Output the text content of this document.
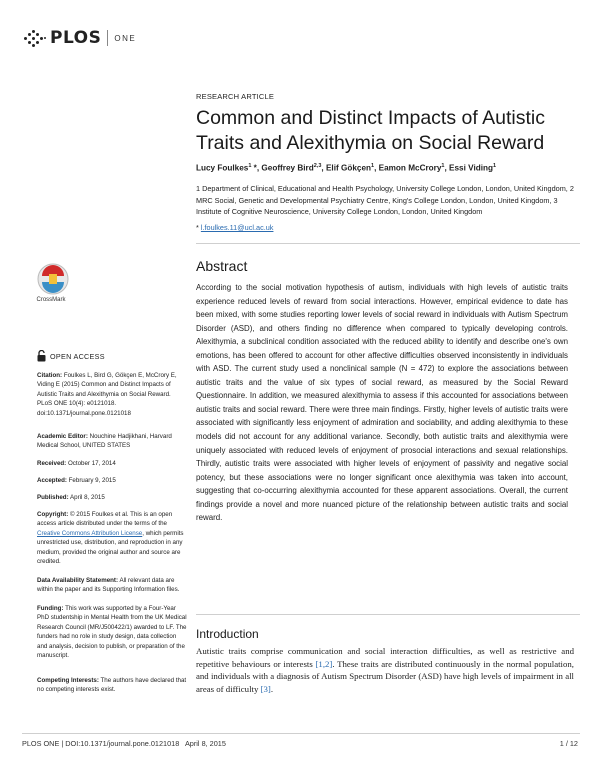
PLOS ONE
RESEARCH ARTICLE
Common and Distinct Impacts of Autistic Traits and Alexithymia on Social Reward
Lucy Foulkes$^1$ *, Geoffrey Bird$^{2,3}$, Elif Gökçen$^1$, Eamon McCrory$^1$, Essi Viding$^1$
1 Department of Clinical, Educational and Health Psychology, University College London, London, United Kingdom, 2 MRC Social, Genetic and Developmental Psychiatry Centre, King's College London, London, United Kingdom, 3 Institute of Cognitive Neuroscience, University College London, London, United Kingdom
* l.foulkes.11@ucl.ac.uk
Abstract

According to the social motivation hypothesis of autism, individuals with high levels of autistic traits experience reduced levels of reward from social interactions. However, empirical evidence to date has been mixed, with some studies reporting lower levels of social reward in individuals with Autism Spectrum Disorder (ASD), and others finding no difference when compared to typically developing controls. Alexithymia, a subclinical condition associated with the reduced ability to identify and describe one's own emotions, has been offered to account for other affective difficulties observed inconsistently in individuals with ASD. The current study used a nonclinical sample (N = 472) to explore the associations between autistic traits and the value of six types of social reward, as measured by the Social Reward Questionnaire. In addition, we measured alexithymia to assess if this accounted for associations between autistic traits and social reward. There were three main findings. Firstly, higher levels of autistic traits were associated with significantly less enjoyment of admiration and sociability, and adding alexithymia to these models did not account for any additional variance. Secondly, both autistic traits and alexithymia were uniquely associated with reduced levels of enjoyment of prosocial interactions and sexual relationships. Thirdly, autistic traits were associated with higher levels of enjoyment of passivity and negative social potency, but these associations were no longer significant once alexithymia was taken into account, suggesting that co-occurring alexithymia accounted for these apparent associations. Overall, the current findings provide a novel and more nuanced picture of the relationship between autistic traits and social reward.

Introduction

Autistic traits comprise communication and social interaction difficulties, as well as restrictive and repetitive behaviours or interests [1,2]. These traits are distributed continuously in the normal population, and individuals with a diagnosis of Autism Spectrum Disorder (ASD) have high levels of impairment in all areas of difficulty [3].

CrossMark
OPEN ACCESS
Citation: Foulkes L, Bird G, Gökçen E, McCrory E, Viding E (2015) Common and Distinct Impacts of Autistic Traits and Alexithymia on Social Reward. PLoS ONE 10(4): e0121018. doi:10.1371/journal.pone.0121018
Academic Editor: Nouchine Hadjikhani, Harvard Medical School, UNITED STATES
Received: October 17, 2014
Accepted: February 9, 2015
Published: April 8, 2015
Copyright: © 2015 Foulkes et al. This is an open access article distributed under the terms of the Creative Commons Attribution License, which permits unrestricted use, distribution, and reproduction in any medium, provided the original author and source are credited.
Data Availability Statement: All relevant data are within the paper and its Supporting Information files.
Funding: This work was supported by a Four-Year PhD studentship in Mental Health from the UK Medical Research Council (MR/J500422/1) awarded to LF. The funders had no role in study design, data collection and analysis, decision to publish, or preparation of the manuscript.
Competing Interests: The authors have declared that no competing interests exist.
PLOS ONE | DOI:10.1371/journal.pone.0121018   April 8, 2015	1 / 12
